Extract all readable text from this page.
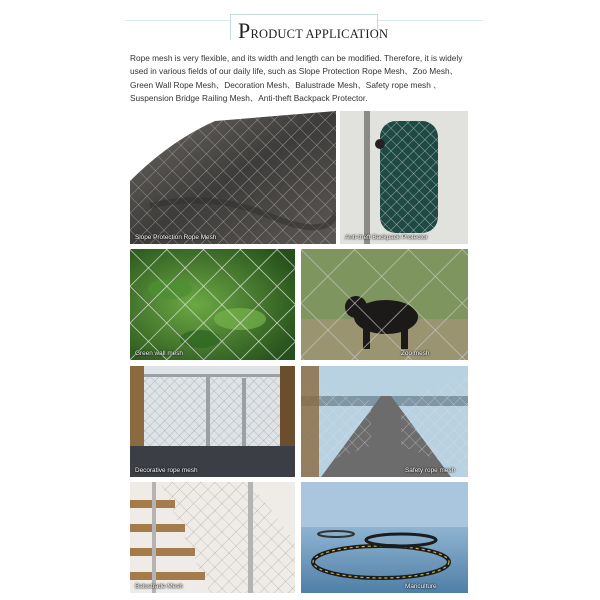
PRODUCT APPLICATION
Rope mesh is very flexible, and its width and length can be modified. Therefore, it is widely used in various fields of our daily life, such as Slope Protection Rope Mesh、Zoo Mesh、Green Wall Rope Mesh、Decoration Mesh、Balustrade Mesh、Safety rope mesh 、Suspension Bridge Railing Mesh、Anti-theft Backpack Protector.
Slope Protection Rope Mesh	Anti-theft Backpack Protector
Green wall mesh	Zoo mesh
Decorative rope mesh	Safety rope mesh
Balustrade Mesh	Mariculture
